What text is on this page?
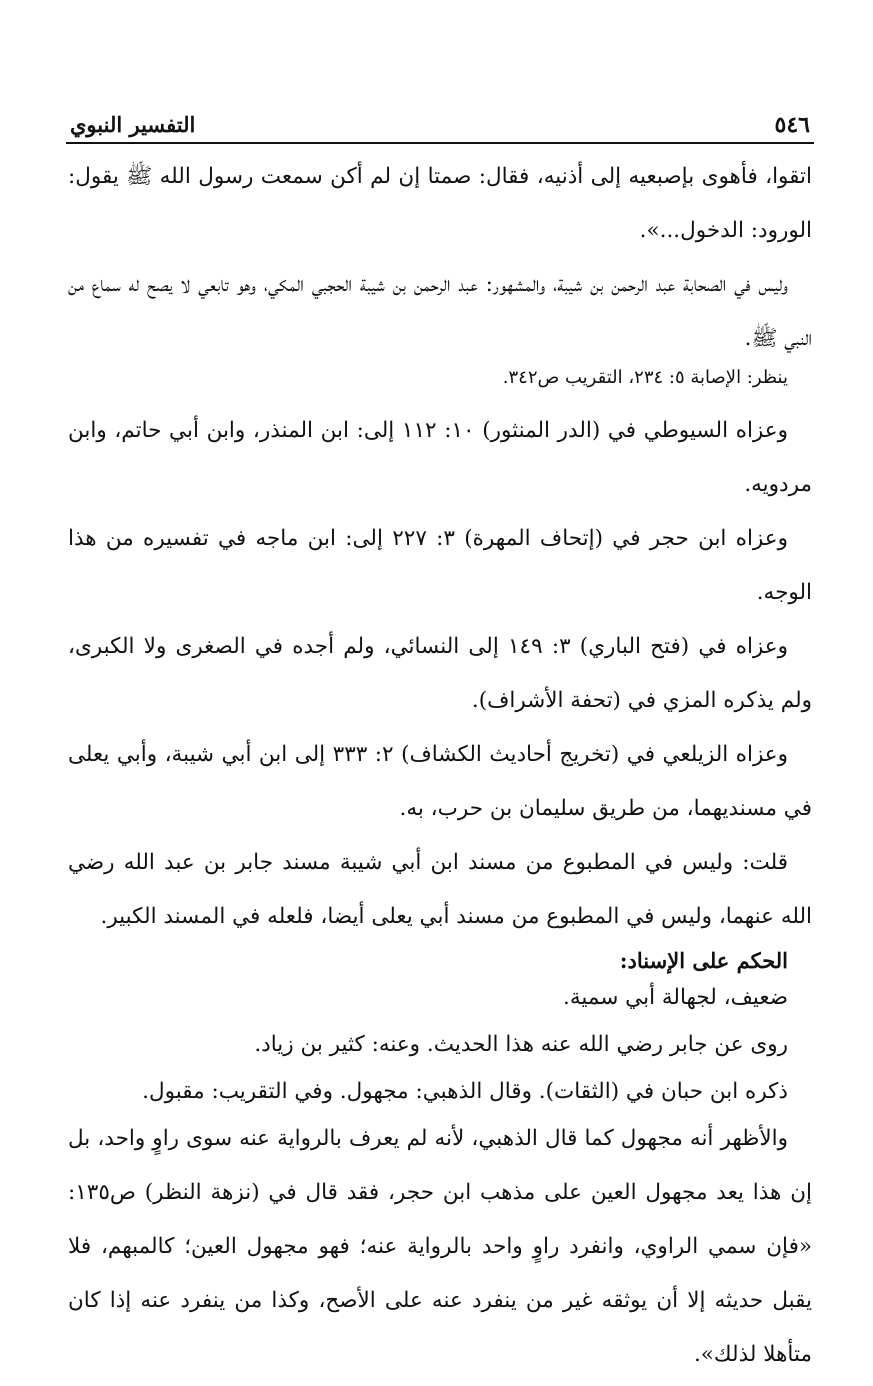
التفسير النبوي	٥٤٦

اتقوا، فأهوى بإصبعيه إلى أذنيه، فقال: صمتا إن لم أكن سمعت رسول الله ﷺ يقول: الورود: الدخول...».

وليس في الصحابة عبد الرحمن بن شيبة، والمشهور: عبد الرحمن بن شيبة الحجبي المكي، وهو تابعي لا يصح له سماع من النبي ﷺ.

ينظر: الإصابة ٥: ٢٣٤، التقريب ص٣٤٢.

وعزاه السيوطي في (الدر المنثور) ١٠: ١١٢ إلى: ابن المنذر، وابن أبي حاتم، وابن مردويه.

وعزاه ابن حجر في (إتحاف المهرة) ٣: ٢٢٧ إلى: ابن ماجه في تفسيره من هذا الوجه.

وعزاه في (فتح الباري) ٣: ١٤٩ إلى النسائي، ولم أجده في الصغرى ولا الكبرى، ولم يذكره المزي في (تحفة الأشراف).

وعزاه الزيلعي في (تخريج أحاديث الكشاف) ٢: ٣٣٣ إلى ابن أبي شيبة، وأبي يعلى في مسنديهما، من طريق سليمان بن حرب، به.

قلت: وليس في المطبوع من مسند ابن أبي شيبة مسند جابر بن عبد الله رضي الله عنهما، وليس في المطبوع من مسند أبي يعلى أيضا، فلعله في المسند الكبير.

الحكم على الإسناد:

ضعيف، لجهالة أبي سمية.

روى عن جابر رضي الله عنه هذا الحديث. وعنه: كثير بن زياد.

ذكره ابن حبان في (الثقات). وقال الذهبي: مجهول. وفي التقريب: مقبول.

والأظهر أنه مجهول كما قال الذهبي، لأنه لم يعرف بالرواية عنه سوى راوٍ واحد، بل إن هذا يعد مجهول العين على مذهب ابن حجر، فقد قال في (نزهة النظر) ص١٣٥: «فإن سمي الراوي، وانفرد راوٍ واحد بالرواية عنه؛ فهو مجهول العين؛ كالمبهم، فلا يقبل حديثه إلا أن يوثقه غير من ينفرد عنه على الأصح، وكذا من ينفرد عنه إذا كان متأهلا لذلك».
